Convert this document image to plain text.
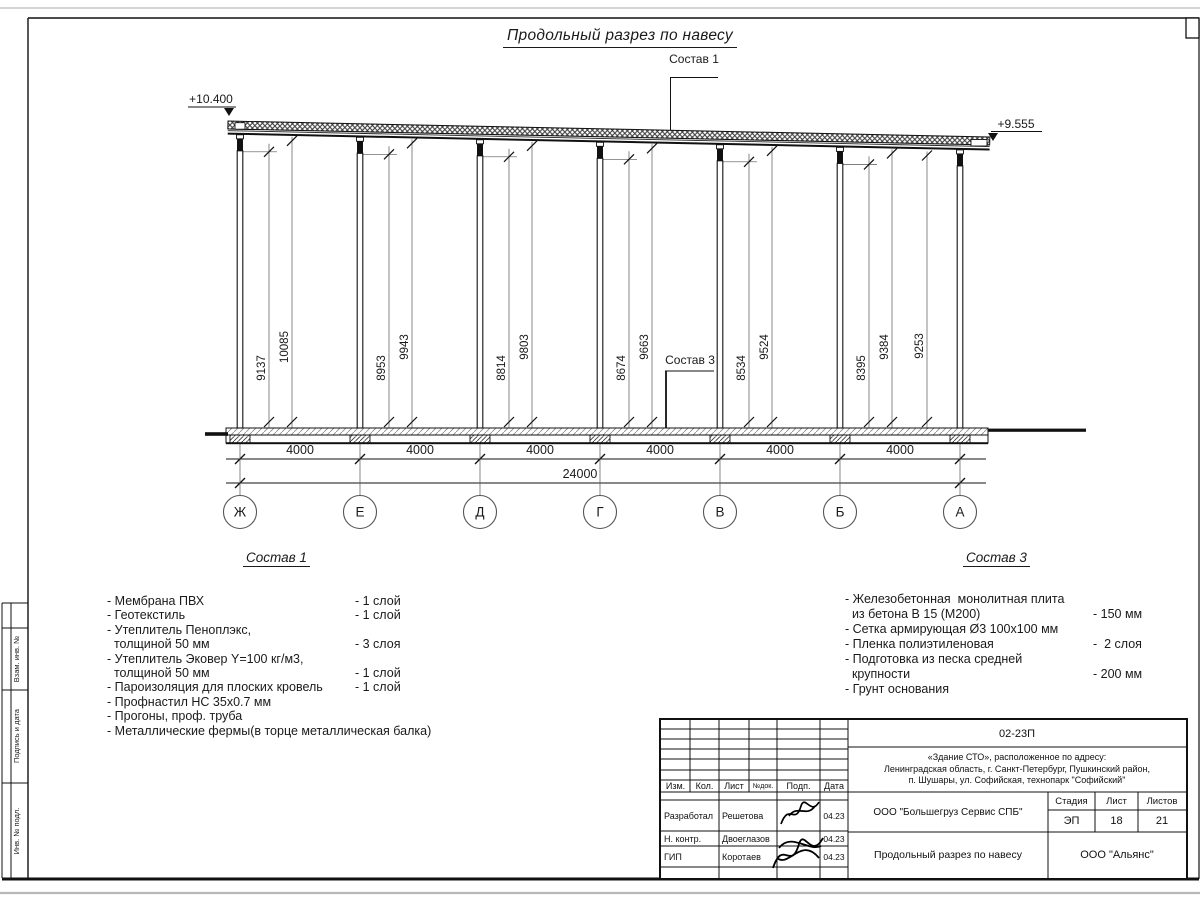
Взам. инв. №
Подпись и дата
Инв. № подл.
9137
10085
8953
9943
8814
9803
8674
9663
8534
9524
8395
9384 9253
4000	4000	4000	4000	4000	4000
24000
Ж	Е	Д	Г	В	Б	А
Состав 1
Состав 3
+10.400
+9.555
Продольный разрез по навесу
Состав 1
- Мембрана ПВХ	- 1 слой
- Геотекстиль	- 1 слой
- Утеплитель Пеноплэкс,
толщиной 50 мм	- 3 слоя
- Утеплитель Эковер Y=100 кг/м3,
толщиной 50 мм	- 1 слой
- Пароизоляция для плоских кровель	- 1 слой
- Профнастил НС 35х0.7 мм
- Прогоны, проф. труба
- Металлические фермы(в торце металлическая балка)
Состав 3
- Железобетонная  монолитная плита
из бетона В 15 (М200)	- 150 мм
- Сетка армирующая Ø3 100х100 мм
- Пленка полиэтиленовая	-  2 слоя
- Подготовка из песка средней
крупности	- 200 мм
- Грунт основания
Изм.	Кол.	Лист	№док.	Подп.	Дата
Разработал	Решетова	04.23
Н. контр.	Двоеглазов	04.23
ГИП	Коротаев	04.23
02-23П
«Здание СТО», расположенное по адресу:
Ленинградская область, г. Санкт-Петербург, Пушкинский район,
п. Шушары, ул. Софийская, технопарк "Софийский"
ООО "Большегруз Сервис СПБ"
Продольный разрез по навесу
Стадия	Лист	Листов
ЭП	18	21
ООО "Альянс"
